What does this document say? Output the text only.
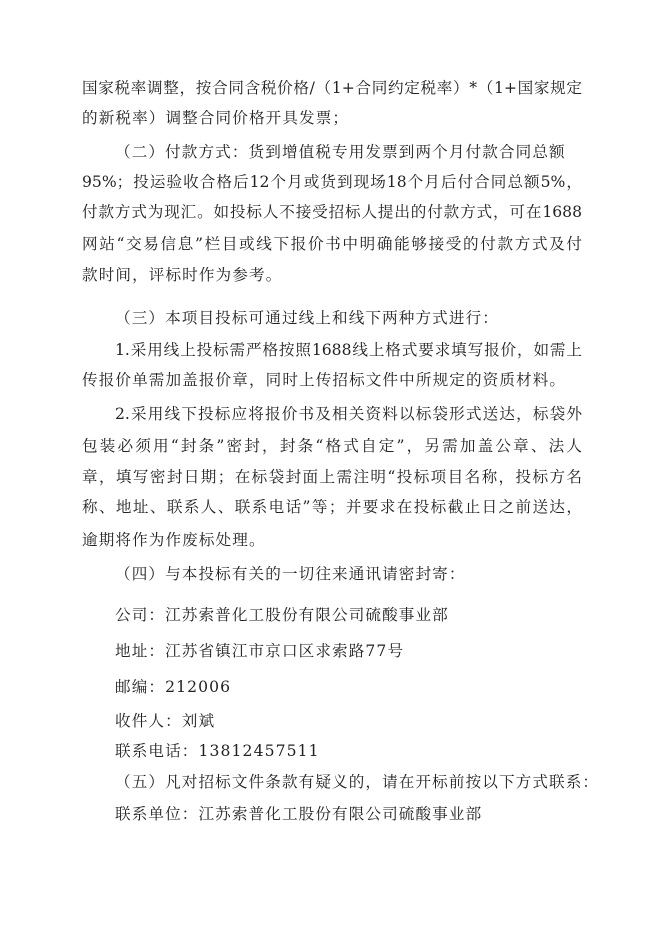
国家税率调整，按合同含税价格/（1+合同约定税率）*（1+国家规定
的新税率）调整合同价格开具发票；
（二）付款方式：货到增值税专用发票到两个月付款合同总额
95%；投运验收合格后12个月或货到现场18个月后付合同总额5%，
付款方式为现汇。如投标人不接受招标人提出的付款方式，可在1688
网站“交易信息”栏目或线下报价书中明确能够接受的付款方式及付
款时间，评标时作为参考。
（三）本项目投标可通过线上和线下两种方式进行：
1.采用线上投标需严格按照1688线上格式要求填写报价，如需上
传报价单需加盖报价章，同时上传招标文件中所规定的资质材料。
2.采用线下投标应将报价书及相关资料以标袋形式送达，标袋外
包装必须用“封条”密封，封条“格式自定”，另需加盖公章、法人
章，填写密封日期；在标袋封面上需注明“投标项目名称，投标方名
称、地址、联系人、联系电话”等；并要求在投标截止日之前送达，
逾期将作为作废标处理。
（四）与本投标有关的一切往来通讯请密封寄：
公司：江苏索普化工股份有限公司硫酸事业部
地址：江苏省镇江市京口区求索路77号
邮编：212006
收件人：刘斌
联系电话：13812457511
（五）凡对招标文件条款有疑义的，请在开标前按以下方式联系：
联系单位：江苏索普化工股份有限公司硫酸事业部
